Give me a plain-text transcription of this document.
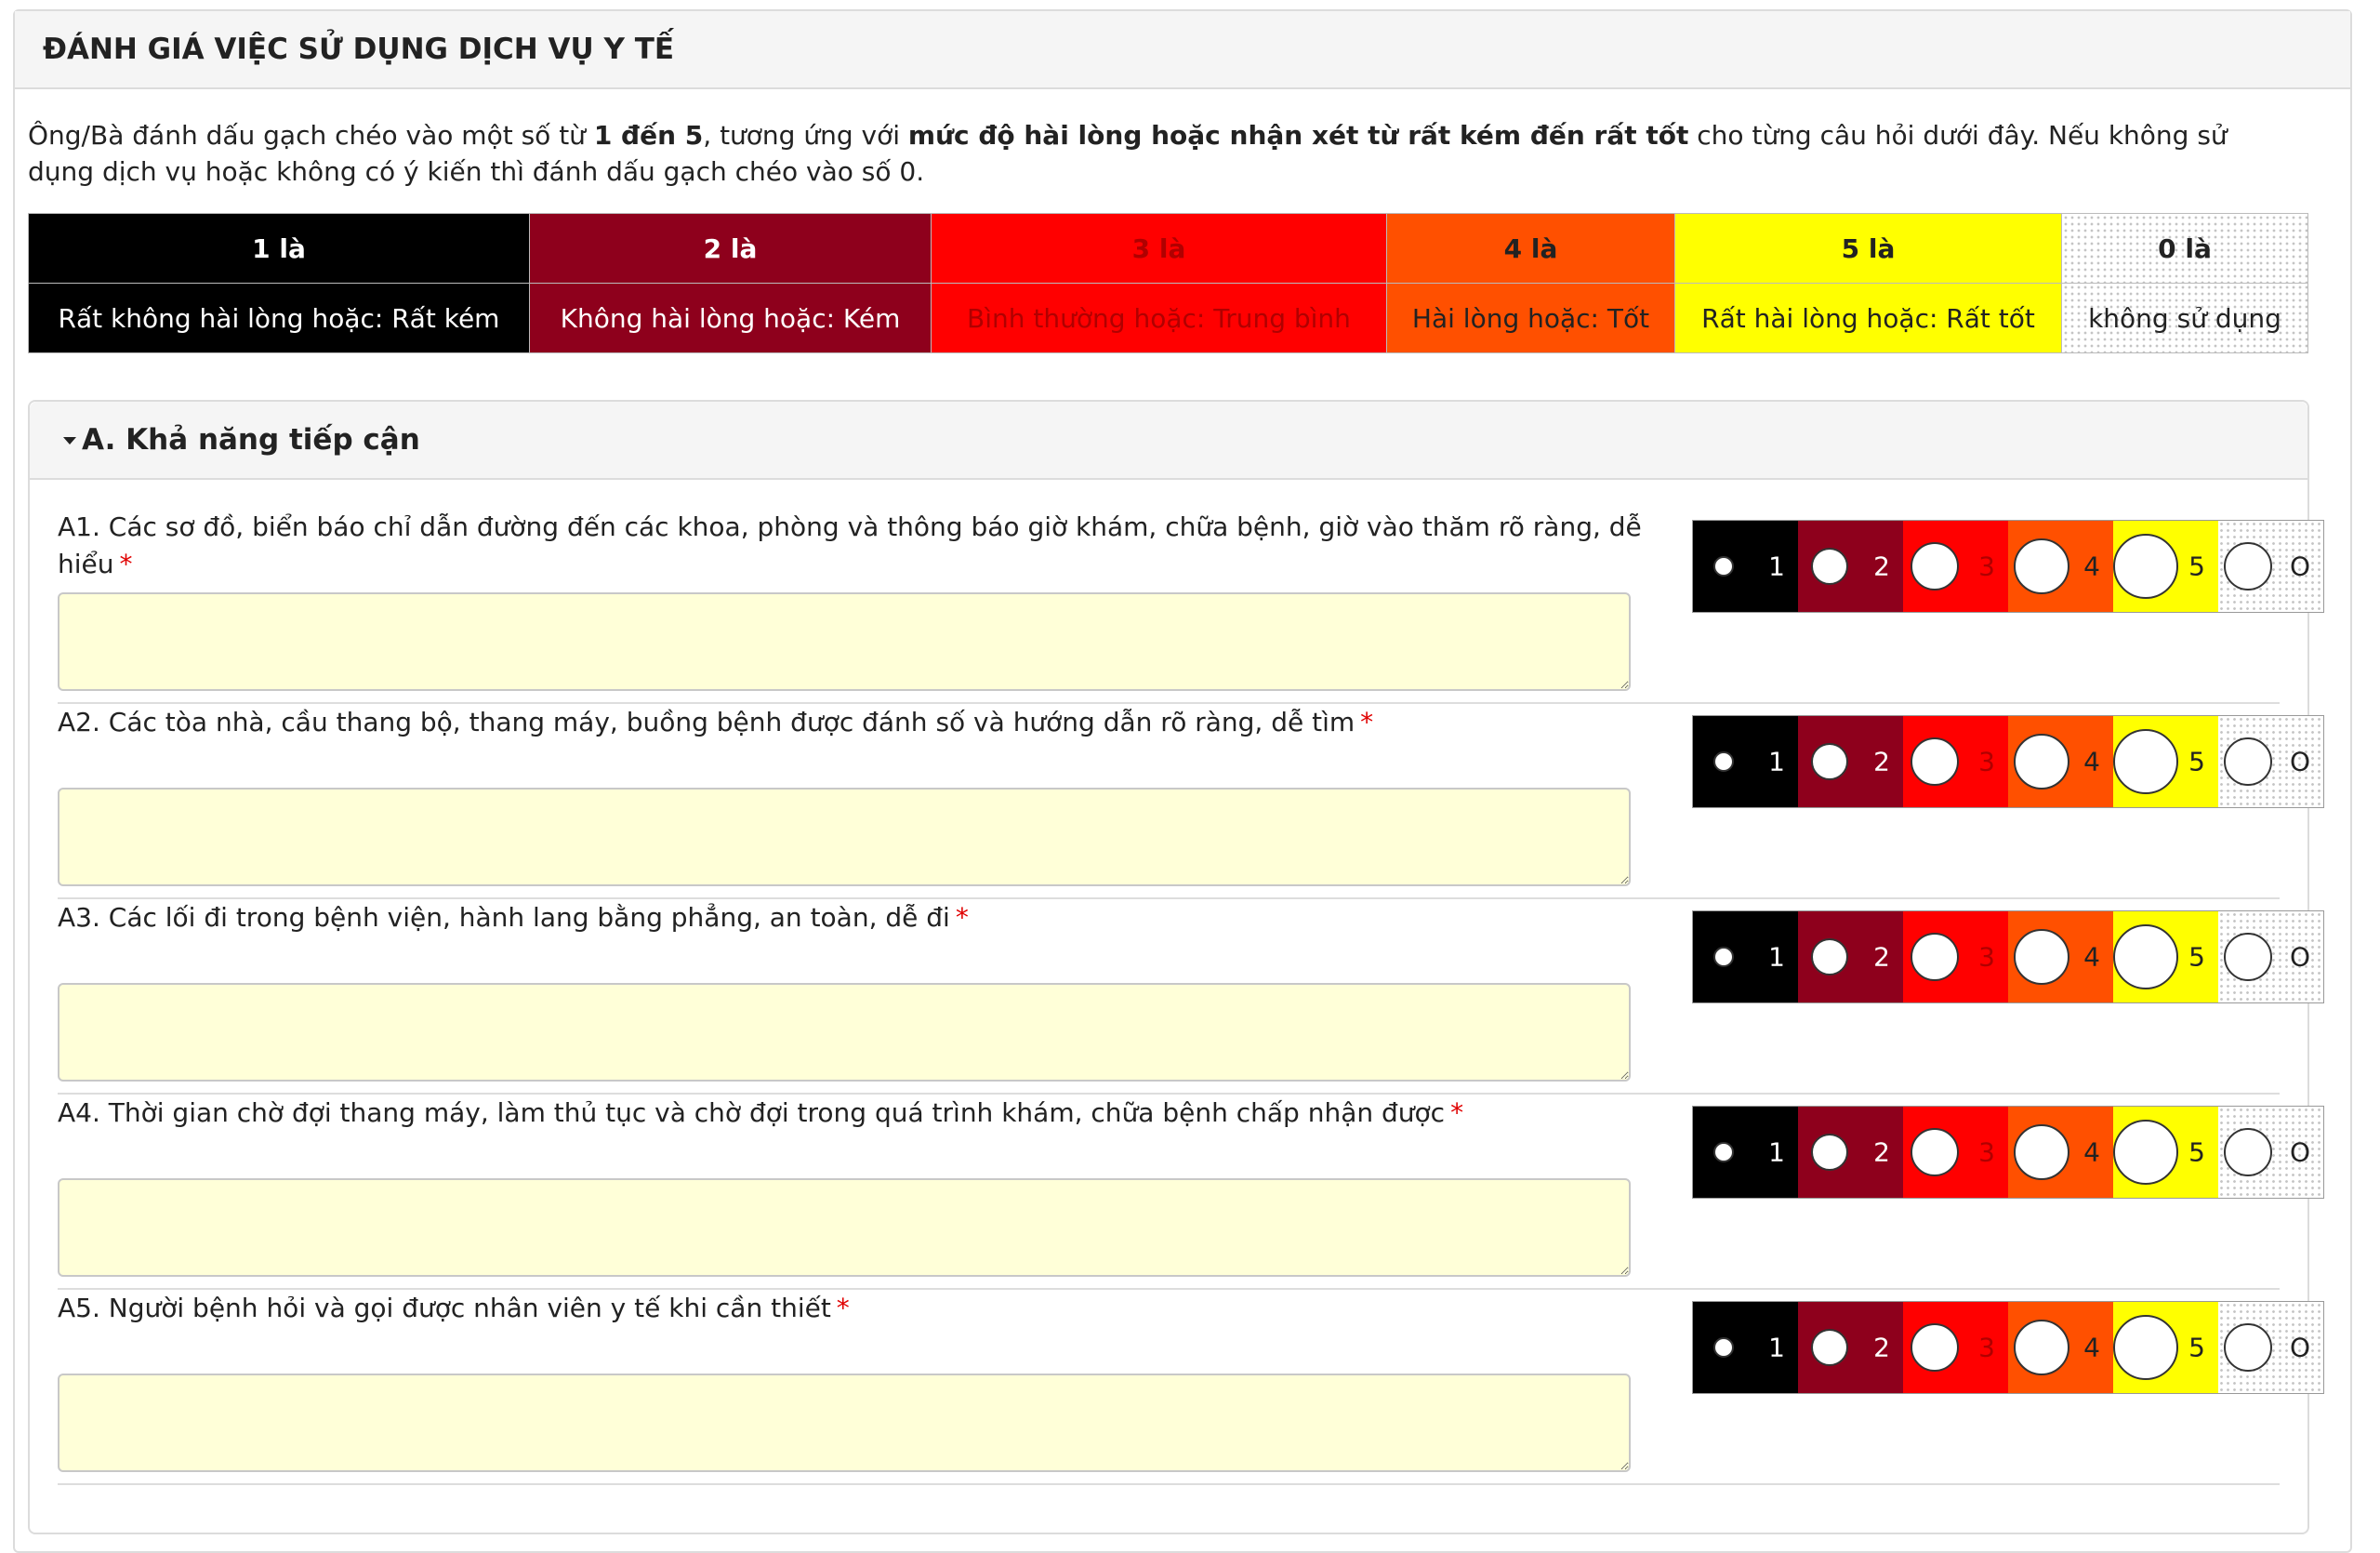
ĐÁNH GIÁ VIỆC SỬ DỤNG DỊCH VỤ Y TẾ
Ông/Bà đánh dấu gạch chéo vào một số từ 1 đến 5, tương ứng với mức độ hài lòng hoặc nhận xét từ rất kém đến rất tốt cho từng câu hỏi dưới đây. Nếu không sử dụng dịch vụ hoặc không có ý kiến thì đánh dấu gạch chéo vào số 0.
1 là	2 là	3 là	4 là	5 là	0 là
Rất không hài lòng hoặc: Rất kém	Không hài lòng hoặc: Kém	Bình thường hoặc: Trung bình	Hài lòng hoặc: Tốt	Rất hài lòng hoặc: Rất tốt	không sử dụng
A. Khả năng tiếp cận
A1. Các sơ đồ, biển báo chỉ dẫn đường đến các khoa, phòng và thông báo giờ khám, chữa bệnh, giờ vào thăm rõ ràng, dễ hiểu *	1	2	3	4	5	O
A2. Các tòa nhà, cầu thang bộ, thang máy, buồng bệnh được đánh số và hướng dẫn rõ ràng, dễ tìm *
1	2	3	4	5	O
A3. Các lối đi trong bệnh viện, hành lang bằng phẳng, an toàn, dễ đi *
1	2	3	4	5	O
A4. Thời gian chờ đợi thang máy, làm thủ tục và chờ đợi trong quá trình khám, chữa bệnh chấp nhận được *
1	2	3	4	5	O
A5. Người bệnh hỏi và gọi được nhân viên y tế khi cần thiết *
1	2	3	4	5	O
